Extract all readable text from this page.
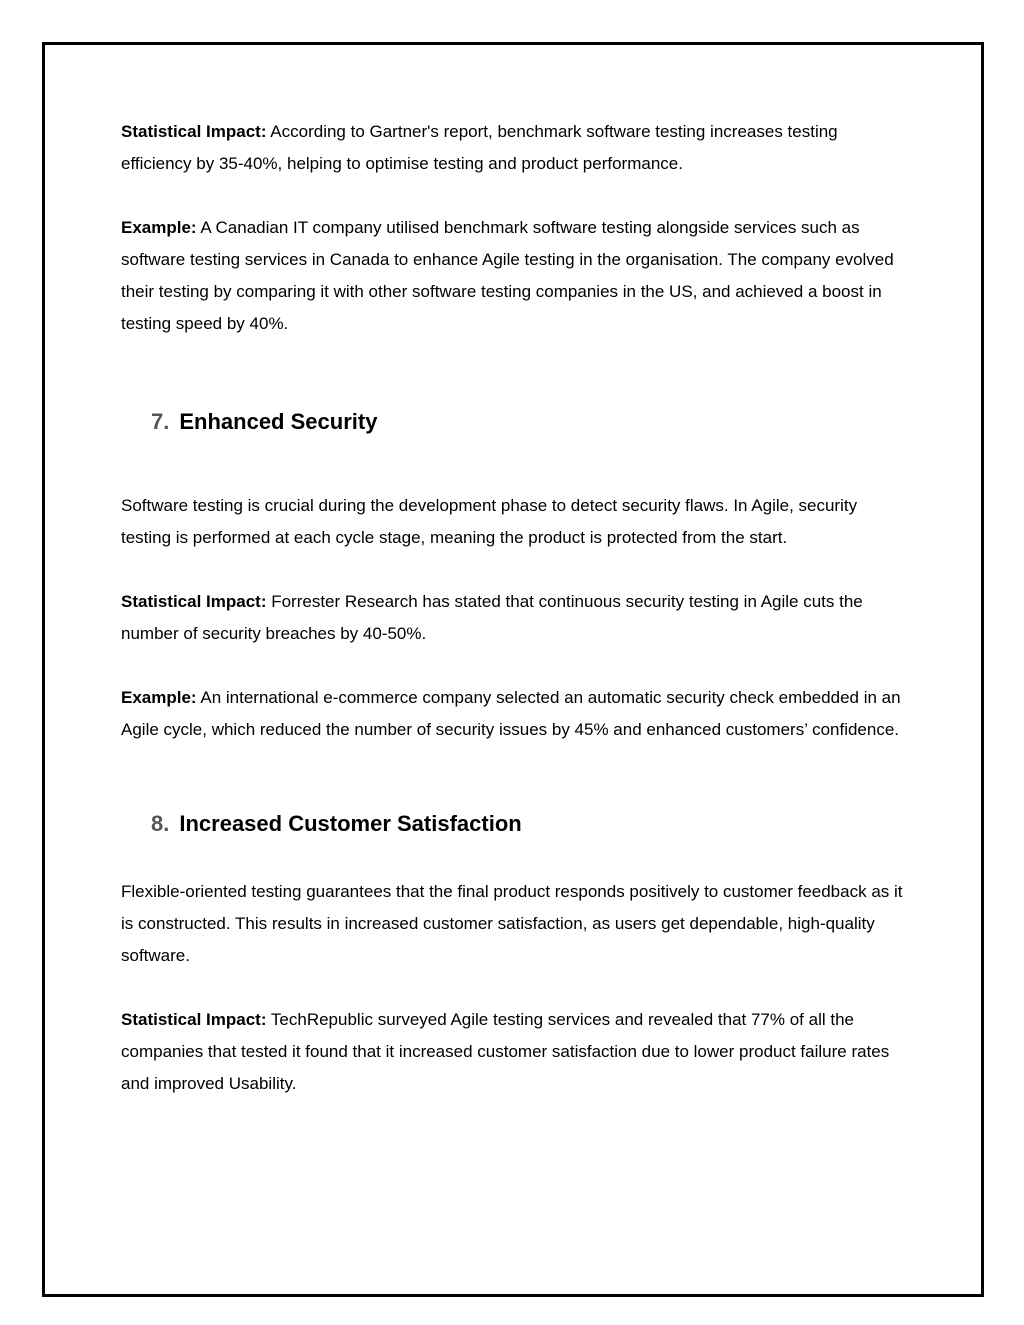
Statistical Impact: According to Gartner's report, benchmark software testing increases testing efficiency by 35-40%, helping to optimise testing and product performance.

Example: A Canadian IT company utilised benchmark software testing alongside services such as software testing services in Canada to enhance Agile testing in the organisation. The company evolved their testing by comparing it with other software testing companies in the US, and achieved a boost in testing speed by 40%.

7. Enhanced Security

Software testing is crucial during the development phase to detect security flaws. In Agile, security testing is performed at each cycle stage, meaning the product is protected from the start.

Statistical Impact: Forrester Research has stated that continuous security testing in Agile cuts the number of security breaches by 40-50%.

Example: An international e-commerce company selected an automatic security check embedded in an Agile cycle, which reduced the number of security issues by 45% and enhanced customers’ confidence.

8. Increased Customer Satisfaction

Flexible-oriented testing guarantees that the final product responds positively to customer feedback as it is constructed. This results in increased customer satisfaction, as users get dependable, high-quality software.

Statistical Impact: TechRepublic surveyed Agile testing services and revealed that 77% of all the companies that tested it found that it increased customer satisfaction due to lower product failure rates and improved Usability.
